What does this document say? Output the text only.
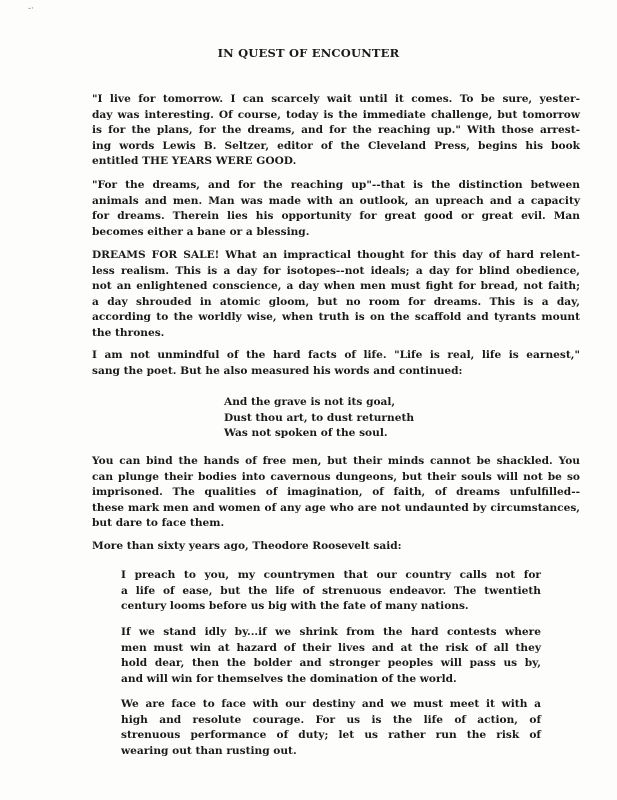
-·
IN QUEST OF ENCOUNTER
"I live for tomorrow. I can scarcely wait until it comes. To be sure, yester-
day was interesting. Of course, today is the immediate challenge, but tomorrow
is for the plans, for the dreams, and for the reaching up." With those arrest-
ing words Lewis B. Seltzer, editor of the Cleveland Press, begins his book
entitled THE YEARS WERE GOOD.
"For the dreams, and for the reaching up"--that is the distinction between
animals and men. Man was made with an outlook, an upreach and a capacity
for dreams. Therein lies his opportunity for great good or great evil. Man
becomes either a bane or a blessing.
DREAMS FOR SALE! What an impractical thought for this day of hard relent-
less realism. This is a day for isotopes--not ideals; a day for blind obedience,
not an enlightened conscience, a day when men must fight for bread, not faith;
a day shrouded in atomic gloom, but no room for dreams. This is a day,
according to the worldly wise, when truth is on the scaffold and tyrants mount
the thrones.
I am not unmindful of the hard facts of life. "Life is real, life is earnest,"
sang the poet. But he also measured his words and continued:
And the grave is not its goal,
Dust thou art, to dust returneth
Was not spoken of the soul.
You can bind the hands of free men, but their minds cannot be shackled. You
can plunge their bodies into cavernous dungeons, but their souls will not be so
imprisoned. The qualities of imagination, of faith, of dreams unfulfilled--
these mark men and women of any age who are not undaunted by circumstances,
but dare to face them.
More than sixty years ago, Theodore Roosevelt said:
I preach to you, my countrymen that our country calls not for
a life of ease, but the life of strenuous endeavor. The twentieth
century looms before us big with the fate of many nations.
If we stand idly by...if we shrink from the hard contests where
men must win at hazard of their lives and at the risk of all they
hold dear, then the bolder and stronger peoples will pass us by,
and will win for themselves the domination of the world.
We are face to face with our destiny and we must meet it with a
high and resolute courage. For us is the life of action, of
strenuous performance of duty; let us rather run the risk of
wearing out than rusting out.
